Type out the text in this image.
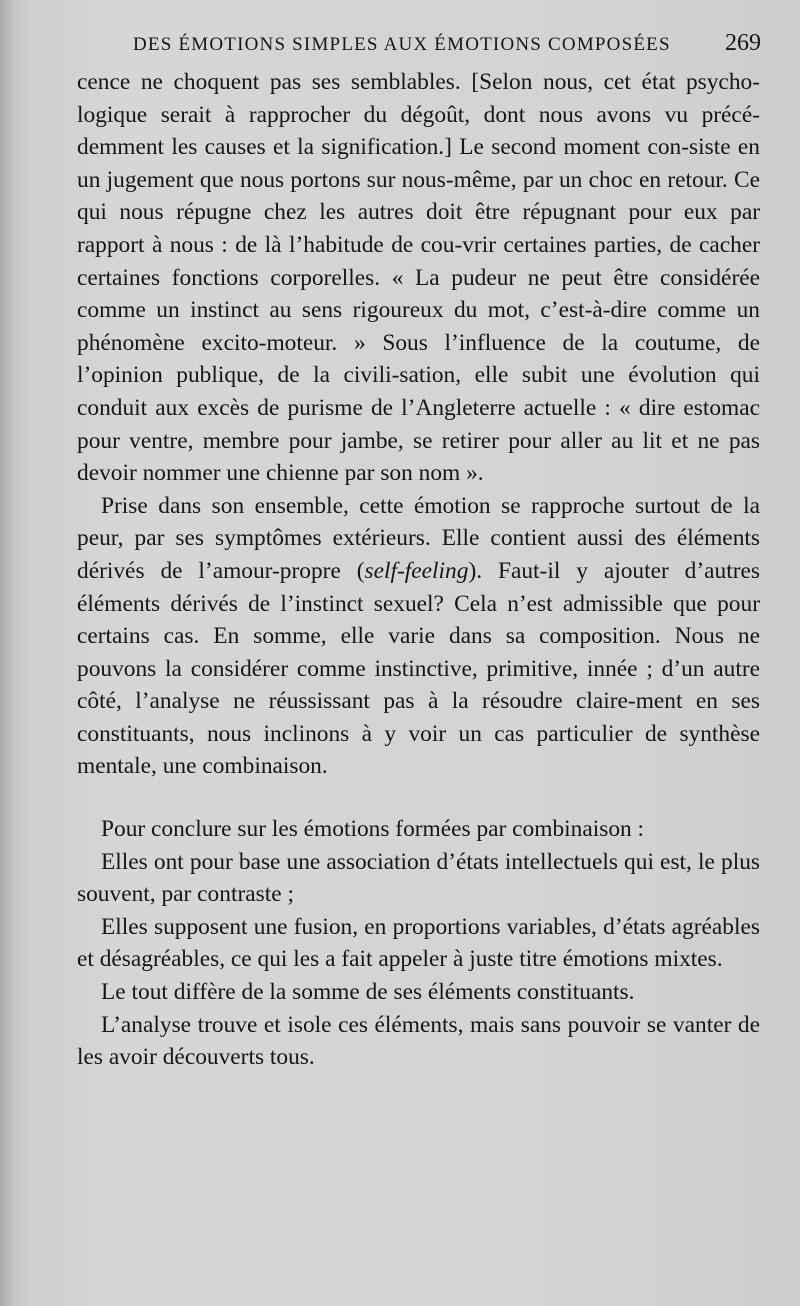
DES ÉMOTIONS SIMPLES AUX ÉMOTIONS COMPOSÉES 269

cence ne choquent pas ses semblables. [Selon nous, cet état psycho-logique serait à rapprocher du dégoût, dont nous avons vu précé-demment les causes et la signification.] Le second moment con-siste en un jugement que nous portons sur nous-même, par un choc en retour. Ce qui nous répugne chez les autres doit être répugnant pour eux par rapport à nous : de là l’habitude de cou-vrir certaines parties, de cacher certaines fonctions corporelles. « La pudeur ne peut être considérée comme un instinct au sens rigoureux du mot, c’est-à-dire comme un phénomène excito-moteur. » Sous l’influence de la coutume, de l’opinion publique, de la civili-sation, elle subit une évolution qui conduit aux excès de purisme de l’Angleterre actuelle : « dire estomac pour ventre, membre pour jambe, se retirer pour aller au lit et ne pas devoir nommer une chienne par son nom ».

Prise dans son ensemble, cette émotion se rapproche surtout de la peur, par ses symptômes extérieurs. Elle contient aussi des éléments dérivés de l’amour-propre (self-feeling). Faut-il y ajouter d’autres éléments dérivés de l’instinct sexuel? Cela n’est admissible que pour certains cas. En somme, elle varie dans sa composition. Nous ne pouvons la considérer comme instinctive, primitive, innée ; d’un autre côté, l’analyse ne réussissant pas à la résoudre claire-ment en ses constituants, nous inclinons à y voir un cas particulier de synthèse mentale, une combinaison.

Pour conclure sur les émotions formées par combinaison :

Elles ont pour base une association d’états intellectuels qui est, le plus souvent, par contraste ;

Elles supposent une fusion, en proportions variables, d’états agréables et désagréables, ce qui les a fait appeler à juste titre émotions mixtes.

Le tout diffère de la somme de ses éléments constituants.

L’analyse trouve et isole ces éléments, mais sans pouvoir se vanter de les avoir découverts tous.
